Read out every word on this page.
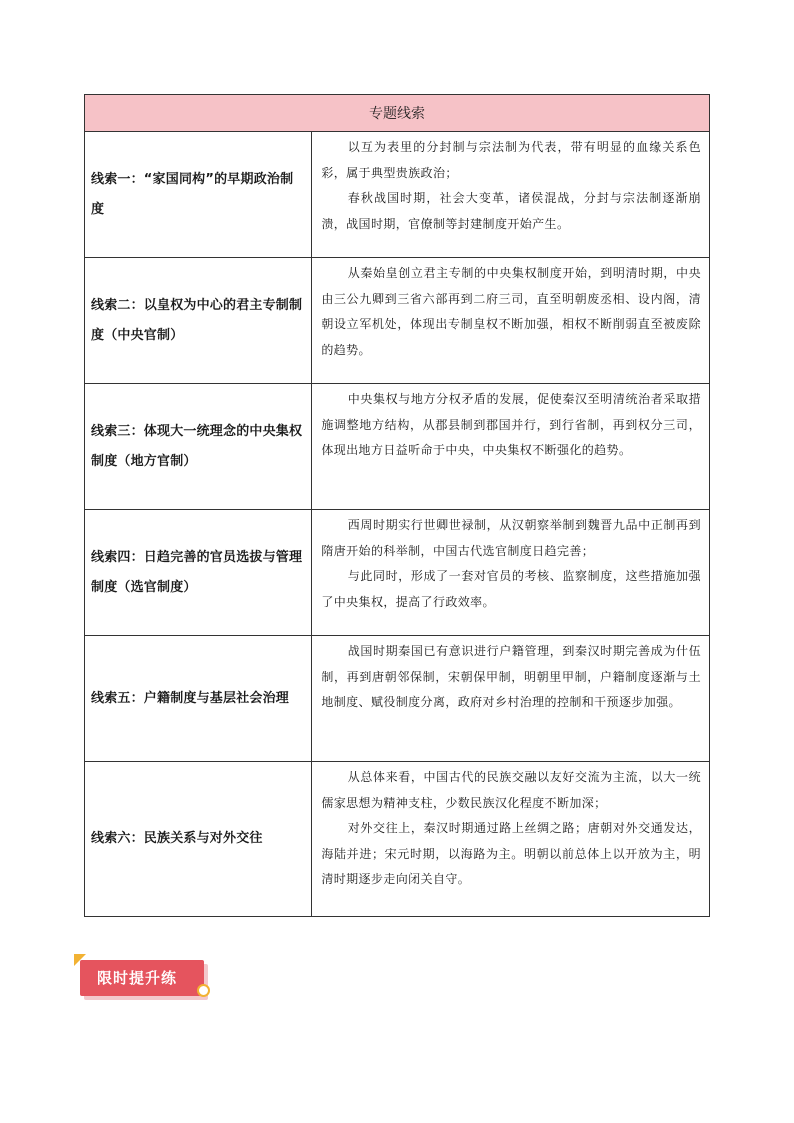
专题线索	
线索一：“家国同构”的早期政治制度	以互为表里的分封制与宗法制为代表，带有明显的血缘关系色彩，属于典型贵族政治；

春秋战国时期，社会大变革，诸侯混战，分封与宗法制逐渐崩溃，战国时期，官僚制等封建制度开始产生。

线索二：以皇权为中心的君主专制制度（中央官制）	从秦始皇创立君主专制的中央集权制度开始，到明清时期，中央由三公九卿到三省六部再到二府三司，直至明朝废丞相、设内阁，清朝设立军机处，体现出专制皇权不断加强，相权不断削弱直至被废除的趋势。

线索三：体现大一统理念的中央集权制度（地方官制）	中央集权与地方分权矛盾的发展，促使秦汉至明清统治者采取措施调整地方结构，从郡县制到郡国并行，到行省制，再到权分三司，体现出地方日益听命于中央，中央集权不断强化的趋势。

线索四：日趋完善的官员选拔与管理制度（选官制度）	西周时期实行世卿世禄制，从汉朝察举制到魏晋九品中正制再到隋唐开始的科举制，中国古代选官制度日趋完善；

与此同时，形成了一套对官员的考核、监察制度，这些措施加强了中央集权，提高了行政效率。

线索五：户籍制度与基层社会治理	战国时期秦国已有意识进行户籍管理，到秦汉时期完善成为什伍制，再到唐朝邻保制，宋朝保甲制，明朝里甲制，户籍制度逐渐与土地制度、赋役制度分离，政府对乡村治理的控制和干预逐步加强。

线索六：民族关系与对外交往	从总体来看，中国古代的民族交融以友好交流为主流，以大一统儒家思想为精神支柱，少数民族汉化程度不断加深；

对外交往上，秦汉时期通过路上丝绸之路；唐朝对外交通发达，海陆并进；宋元时期，以海路为主。明朝以前总体上以开放为主，明清时期逐步走向闭关自守。

限时提升练
